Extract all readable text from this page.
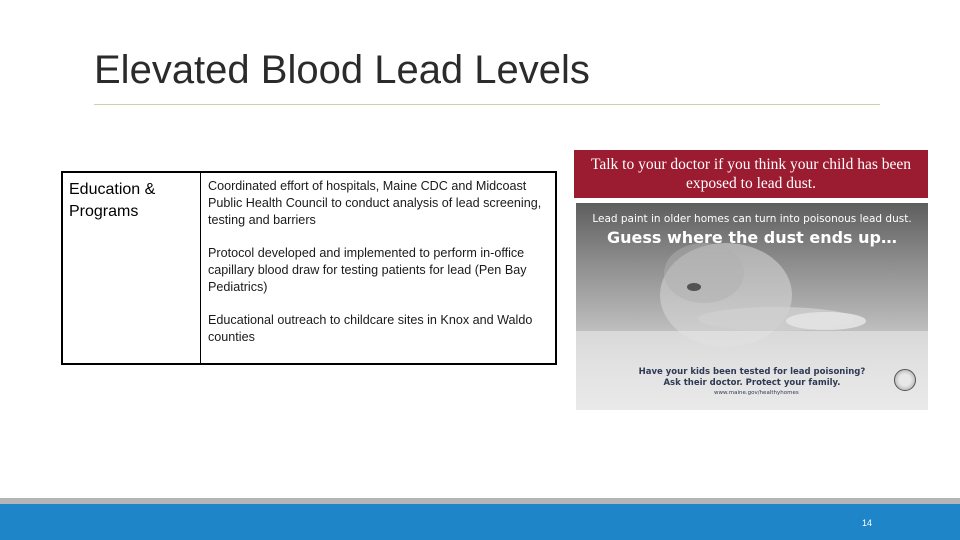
Elevated Blood Lead Levels
Education & Programs

Coordinated effort of hospitals, Maine CDC and Midcoast Public Health Council to conduct analysis of lead screening, testing and barriers

Protocol developed and implemented to perform in-office capillary blood draw for testing patients for lead (Pen Bay Pediatrics)

Educational outreach to childcare sites in Knox and Waldo counties

Talk to your doctor if you think your child has been exposed to lead dust.
Lead paint in older homes can turn into poisonous lead dust.
Guess where the dust ends up…
Have your kids been tested for lead poisoning?
Ask their doctor. Protect your family.
www.maine.gov/healthyhomes
14
